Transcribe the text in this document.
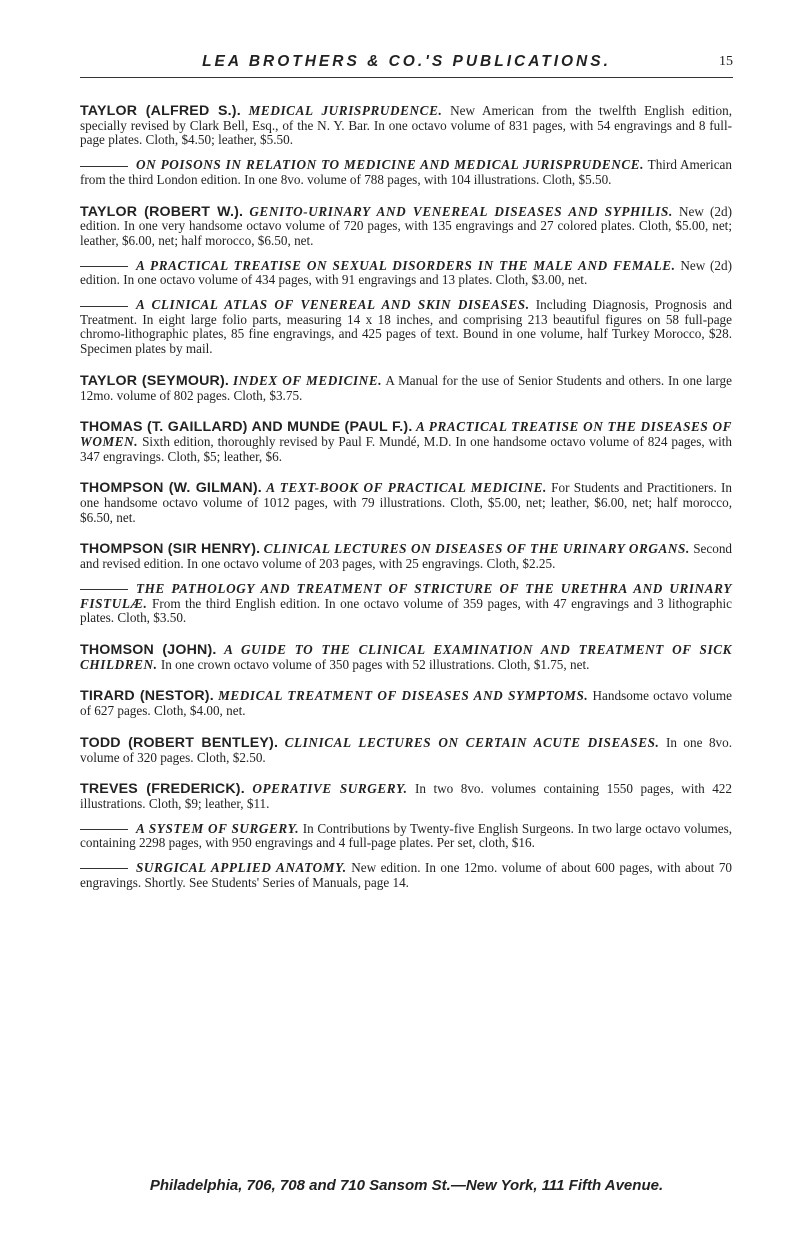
LEA BROTHERS & CO.'S PUBLICATIONS.	15

TAYLOR (ALFRED S.). MEDICAL JURISPRUDENCE. New American from the twelfth English edition, specially revised by Clark Bell, Esq., of the N. Y. Bar. In one octavo volume of 831 pages, with 54 engravings and 8 full-page plates. Cloth, $4.50; leather, $5.50.

ON POISONS IN RELATION TO MEDICINE AND MEDICAL JURISPRUDENCE. Third American from the third London edition. In one 8vo. volume of 788 pages, with 104 illustrations. Cloth, $5.50.

TAYLOR (ROBERT W.). GENITO-URINARY AND VENEREAL DISEASES AND SYPHILIS. New (2d) edition. In one very handsome octavo volume of 720 pages, with 135 engravings and 27 colored plates. Cloth, $5.00, net; leather, $6.00, net; half morocco, $6.50, net.

A PRACTICAL TREATISE ON SEXUAL DISORDERS IN THE MALE AND FEMALE. New (2d) edition. In one octavo volume of 434 pages, with 91 engravings and 13 plates. Cloth, $3.00, net.

A CLINICAL ATLAS OF VENEREAL AND SKIN DISEASES. Including Diagnosis, Prognosis and Treatment. In eight large folio parts, measuring 14 x 18 inches, and comprising 213 beautiful figures on 58 full-page chromo-lithographic plates, 85 fine engravings, and 425 pages of text. Bound in one volume, half Turkey Morocco, $28. Specimen plates by mail.

TAYLOR (SEYMOUR). INDEX OF MEDICINE. A Manual for the use of Senior Students and others. In one large 12mo. volume of 802 pages. Cloth, $3.75.

THOMAS (T. GAILLARD) AND MUNDE (PAUL F.). A PRACTICAL TREATISE ON THE DISEASES OF WOMEN. Sixth edition, thoroughly revised by Paul F. Mundé, M.D. In one handsome octavo volume of 824 pages, with 347 engravings. Cloth, $5; leather, $6.

THOMPSON (W. GILMAN). A TEXT-BOOK OF PRACTICAL MEDICINE. For Students and Practitioners. In one handsome octavo volume of 1012 pages, with 79 illustrations. Cloth, $5.00, net; leather, $6.00, net; half morocco, $6.50, net.

THOMPSON (SIR HENRY). CLINICAL LECTURES ON DISEASES OF THE URINARY ORGANS. Second and revised edition. In one octavo volume of 203 pages, with 25 engravings. Cloth, $2.25.

THE PATHOLOGY AND TREATMENT OF STRICTURE OF THE URETHRA AND URINARY FISTULÆ. From the third English edition. In one octavo volume of 359 pages, with 47 engravings and 3 lithographic plates. Cloth, $3.50.

THOMSON (JOHN). A GUIDE TO THE CLINICAL EXAMINATION AND TREATMENT OF SICK CHILDREN. In one crown octavo volume of 350 pages with 52 illustrations. Cloth, $1.75, net.

TIRARD (NESTOR). MEDICAL TREATMENT OF DISEASES AND SYMPTOMS. Handsome octavo volume of 627 pages. Cloth, $4.00, net.

TODD (ROBERT BENTLEY). CLINICAL LECTURES ON CERTAIN ACUTE DISEASES. In one 8vo. volume of 320 pages. Cloth, $2.50.

TREVES (FREDERICK). OPERATIVE SURGERY. In two 8vo. volumes containing 1550 pages, with 422 illustrations. Cloth, $9; leather, $11.

A SYSTEM OF SURGERY. In Contributions by Twenty-five English Surgeons. In two large octavo volumes, containing 2298 pages, with 950 engravings and 4 full-page plates. Per set, cloth, $16.

SURGICAL APPLIED ANATOMY. New edition. In one 12mo. volume of about 600 pages, with about 70 engravings. Shortly. See Students' Series of Manuals, page 14.

Philadelphia, 706, 708 and 710 Sansom St.—New York, 111 Fifth Avenue.
